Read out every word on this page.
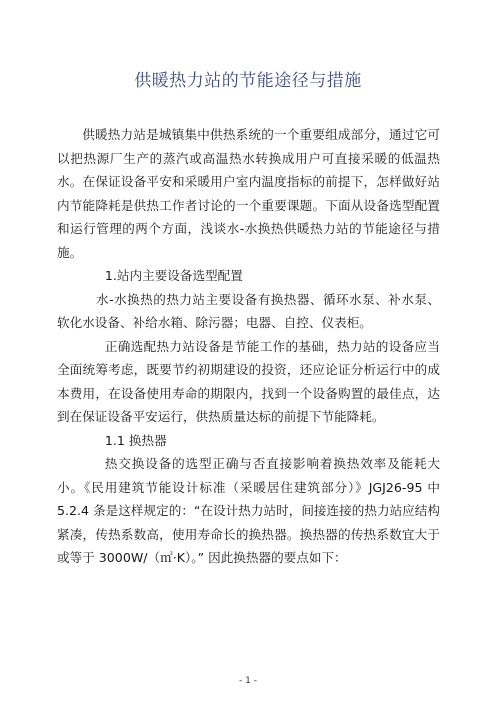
供暖热力站的节能途径与措施

供暖热力站是城镇集中供热系统的一个重要组成部分，通过它可以把热源厂生产的蒸汽或高温热水转换成用户可直接采暖的低温热水。在保证设备平安和采暖用户室内温度指标的前提下，怎样做好站内节能降耗是供热工作者讨论的一个重要课题。下面从设备选型配置和运行管理的两个方面，浅谈水-水换热供暖热力站的节能途径与措施。

1.站内主要设备选型配置

水-水换热的热力站主要设备有换热器、循环水泵、补水泵、软化水设备、补给水箱、除污器；电器、自控、仪表柜。

正确选配热力站设备是节能工作的基础，热力站的设备应当全面统筹考虑，既要节约初期建设的投资，还应论证分析运行中的成本费用，在设备使用寿命的期限内，找到一个设备购置的最佳点，达到在保证设备平安运行，供热质量达标的前提下节能降耗。

1.1 换热器

热交换设备的选型正确与否直接影响着换热效率及能耗大小。《民用建筑节能设计标准（采暖居住建筑部分）》JGJ26-95 中 5.2.4 条是这样规定的：“在设计热力站时，间接连接的热力站应结构紧凑，传热系数高，使用寿命长的换热器。换热器的传热系数宜大于或等于 3000W/（㎡·K）。” 因此换热器的要点如下：

- 1 -
